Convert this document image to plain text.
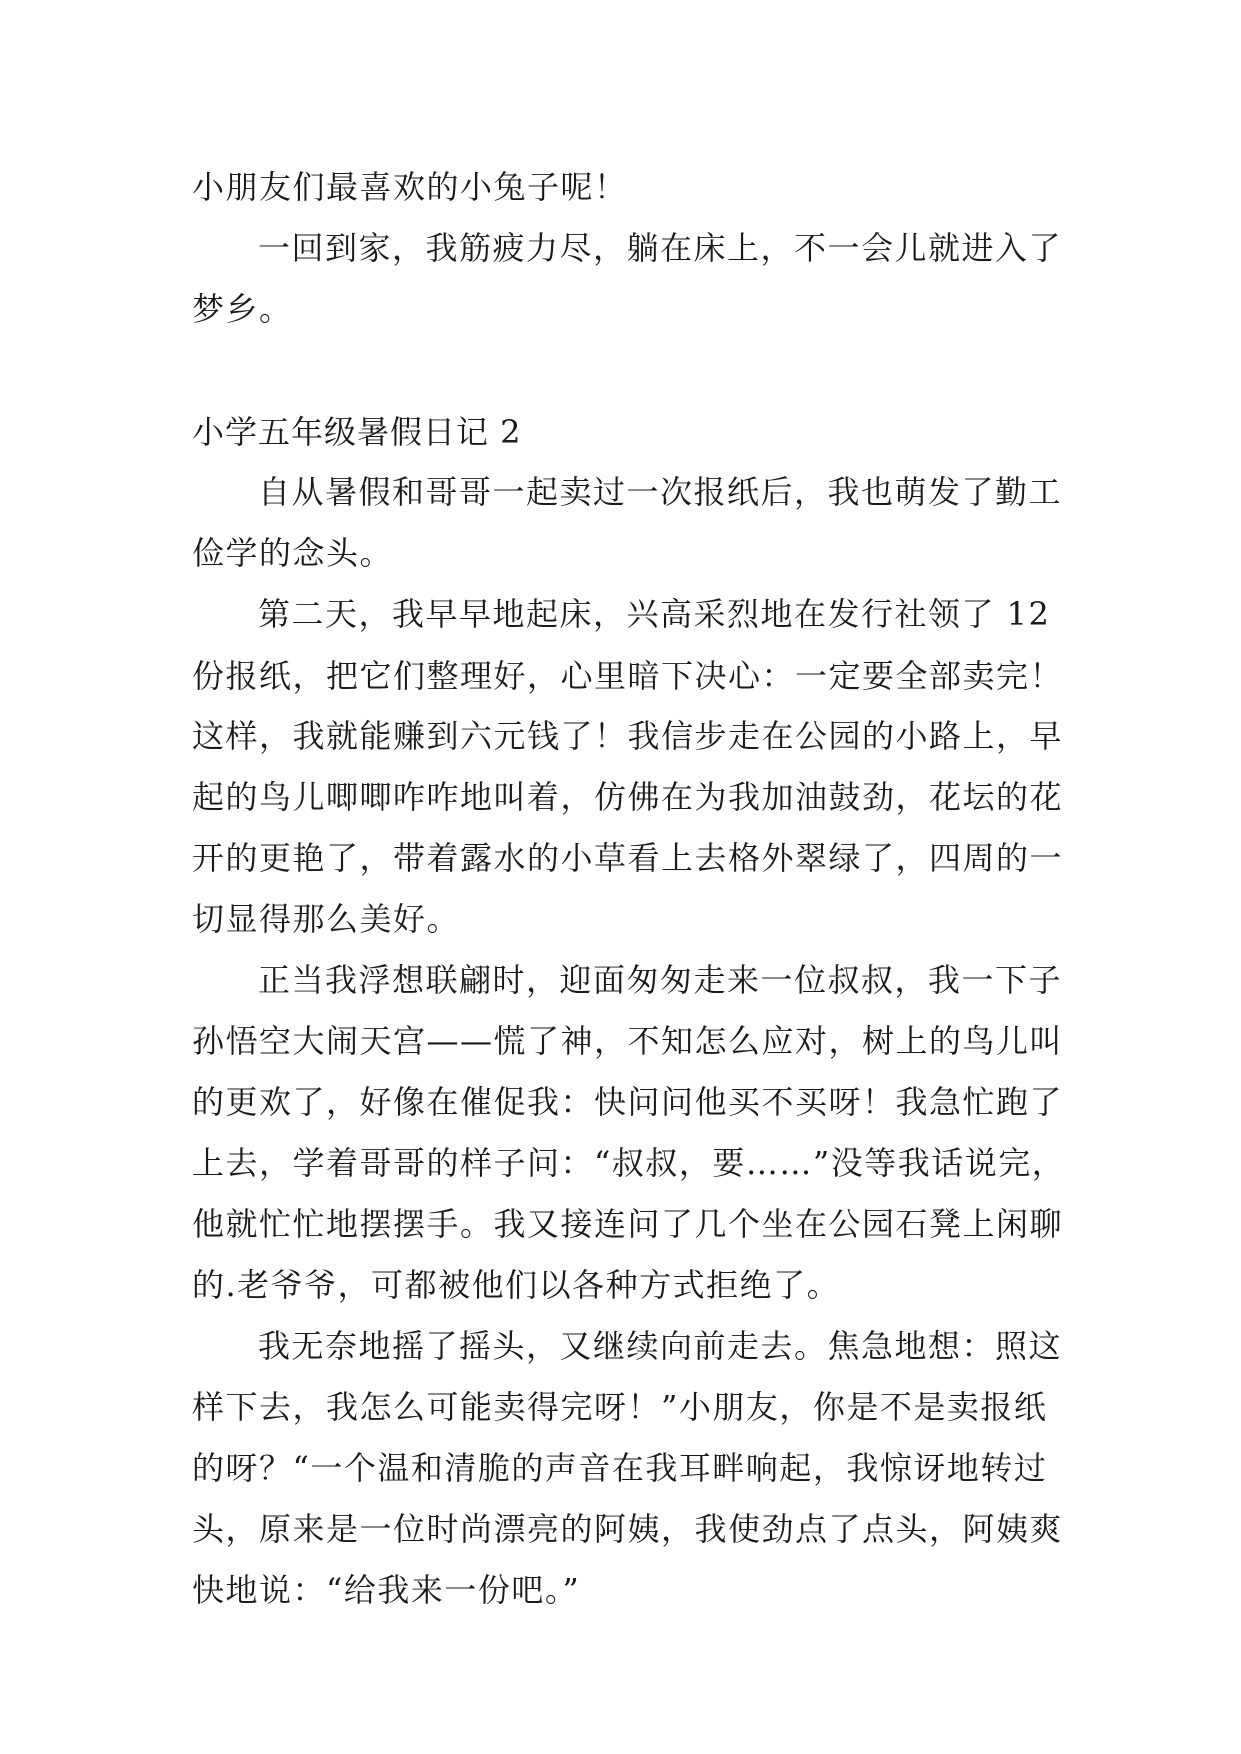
小朋友们最喜欢的小兔子呢！
一回到家，我筋疲力尽，躺在床上，不一会儿就进入了
梦乡。
小学五年级暑假日记 2
自从暑假和哥哥一起卖过一次报纸后，我也萌发了勤工
俭学的念头。
第二天，我早早地起床，兴高采烈地在发行社领了 12
份报纸，把它们整理好，心里暗下决心：一定要全部卖完！
这样，我就能赚到六元钱了！我信步走在公园的小路上，早
起的鸟儿唧唧咋咋地叫着，仿佛在为我加油鼓劲，花坛的花
开的更艳了，带着露水的小草看上去格外翠绿了，四周的一
切显得那么美好。
正当我浮想联翩时，迎面匆匆走来一位叔叔，我一下子
孙悟空大闹天宫——慌了神，不知怎么应对，树上的鸟儿叫
的更欢了，好像在催促我：快问问他买不买呀！我急忙跑了
上去，学着哥哥的样子问：“叔叔，要……”没等我话说完，
他就忙忙地摆摆手。我又接连问了几个坐在公园石凳上闲聊
的.老爷爷，可都被他们以各种方式拒绝了。
我无奈地摇了摇头，又继续向前走去。焦急地想：照这
样下去，我怎么可能卖得完呀！”小朋友，你是不是卖报纸
的呀？“一个温和清脆的声音在我耳畔响起，我惊讶地转过
头，原来是一位时尚漂亮的阿姨，我使劲点了点头，阿姨爽
快地说：“给我来一份吧。”
